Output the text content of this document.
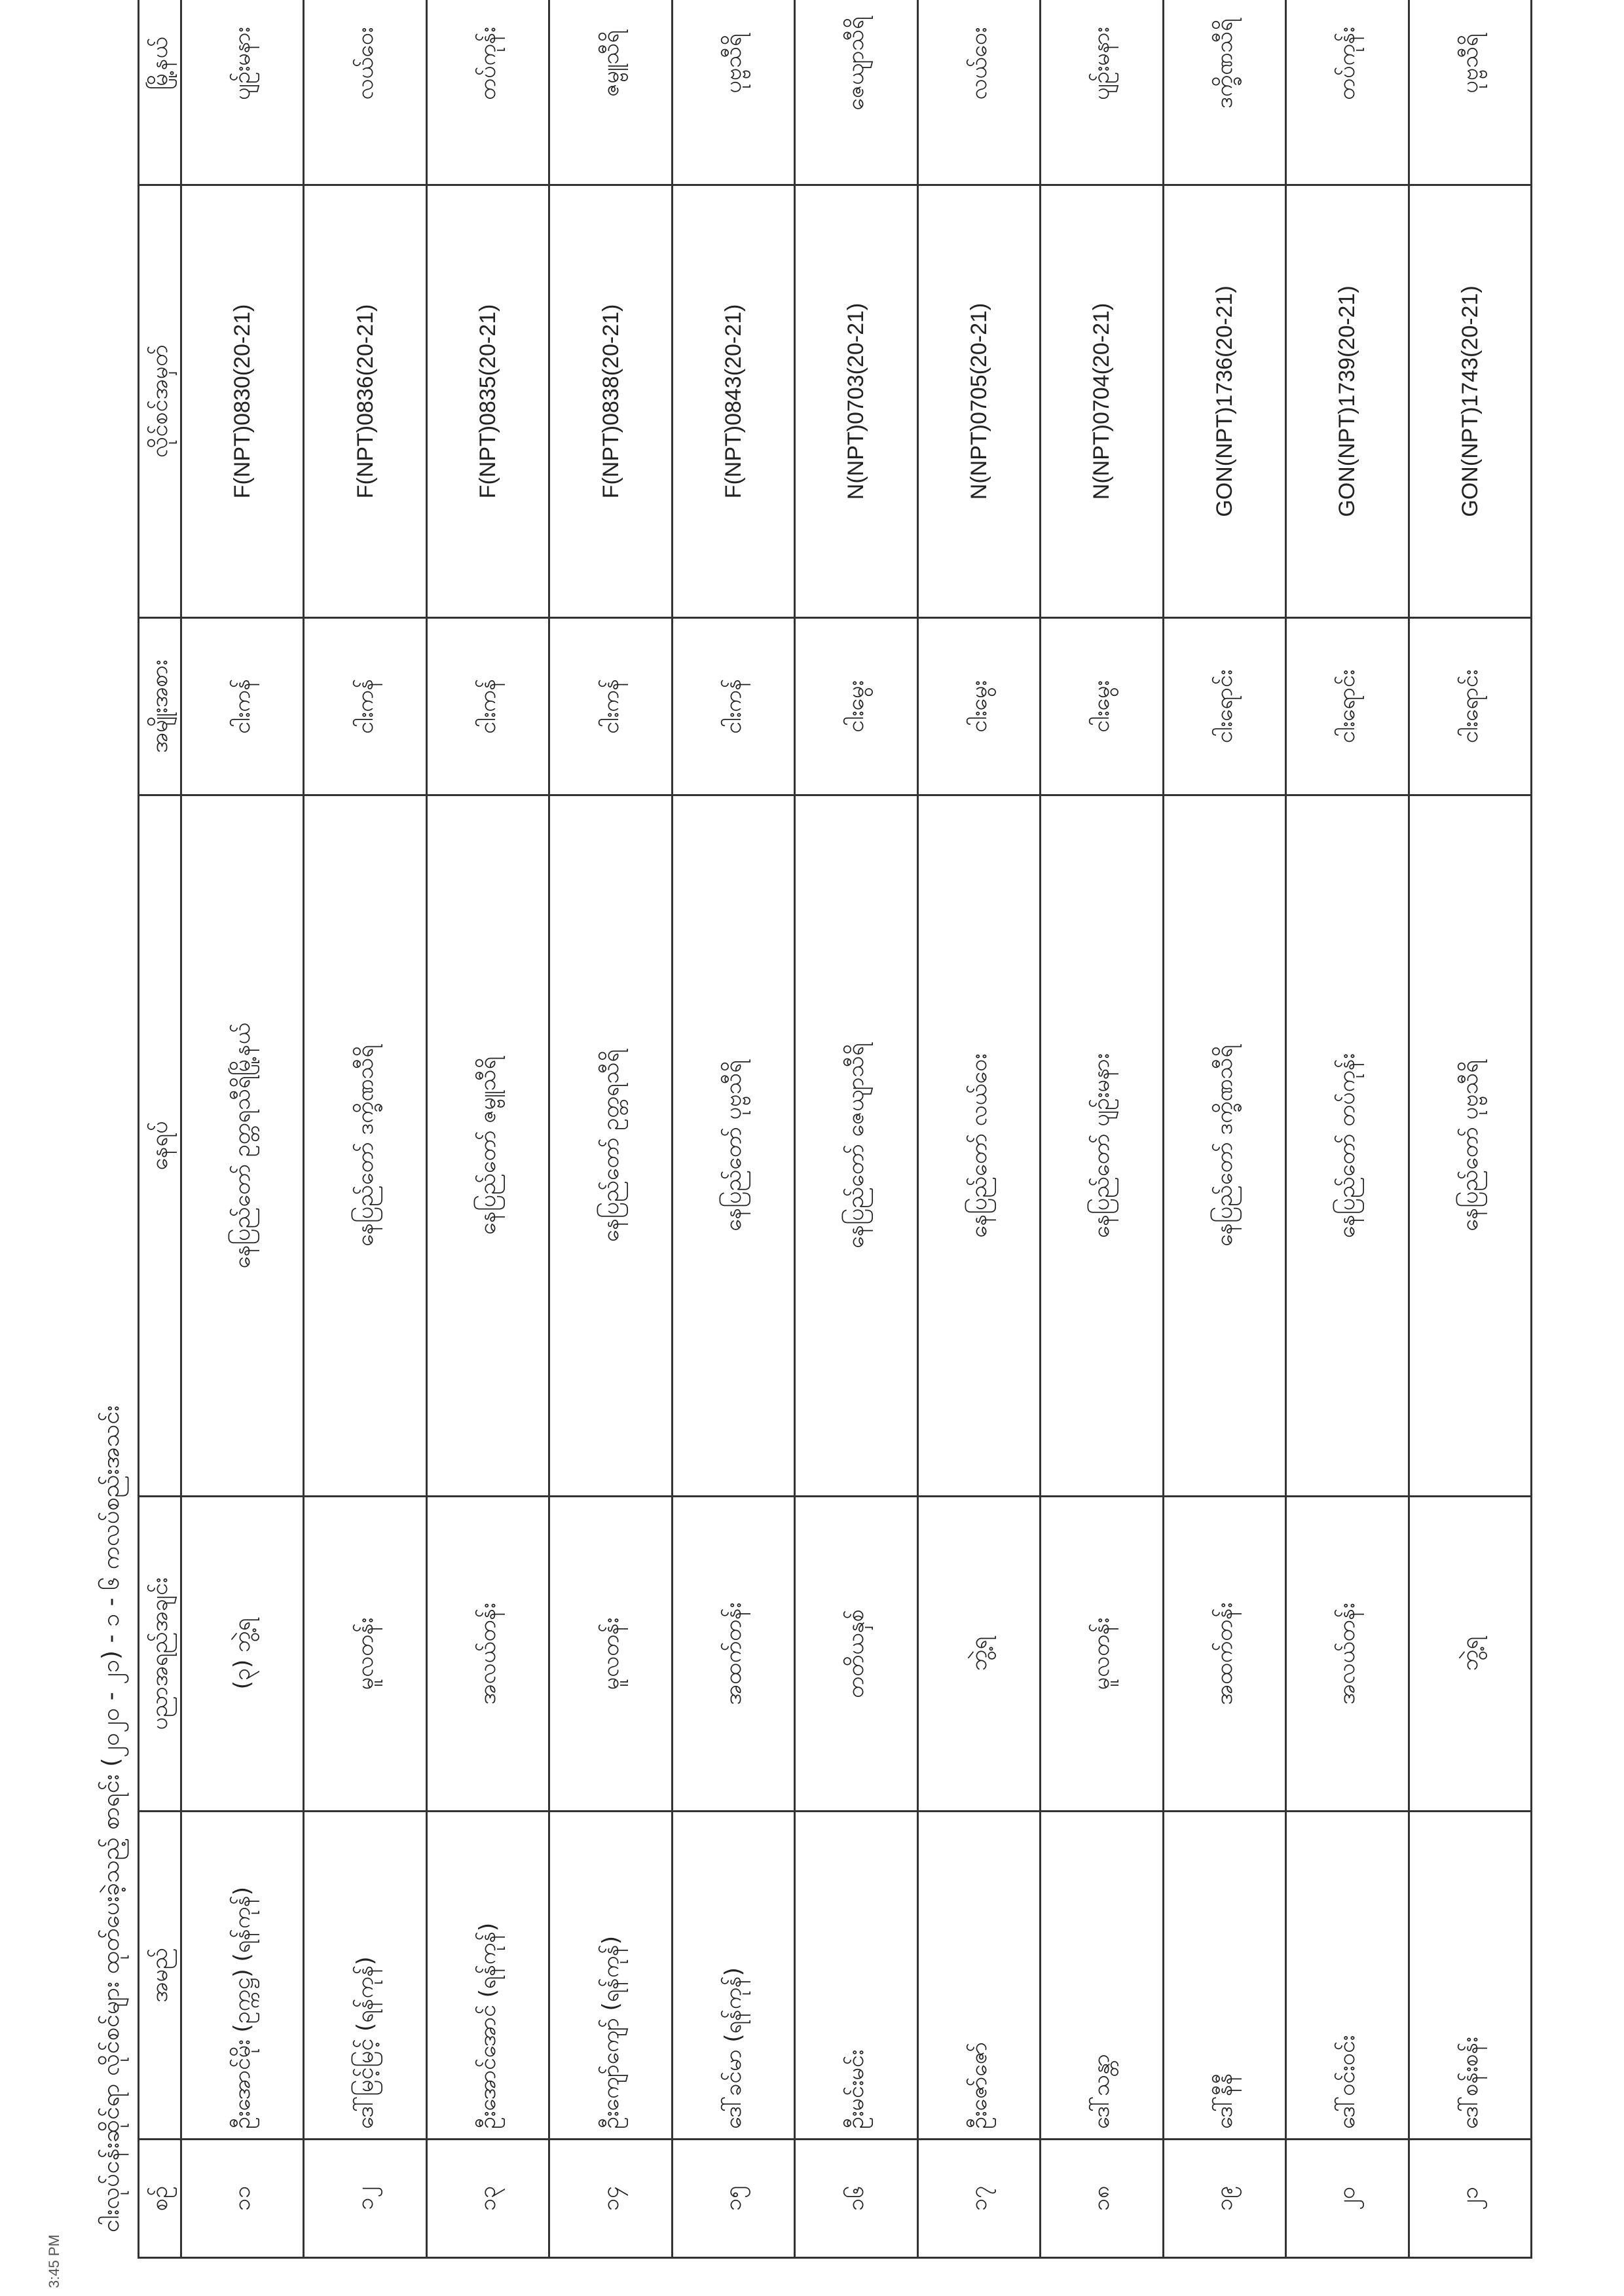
ငါးလုပ်ငန်းဆိုင်ရာ လိုင်စင်များ ထုတ်ပေးခဲ့သည့် စာရင်း (၂၀၂၀ - ၂၁) - ၁ - ၆ ကလပ်စည်းအသင်း စဉ်	အမည်	ပညာအရည်အချင်း	နေရပ်	အမျိုးအစား	လိုင်စင်အမှတ်	မြို့နယ်
၁၁	ဦးအောင်မိုး (ဥက္ကဋ္ဌ) (ရန်ကုန်)	(၃) ဘွဲ့ရ	နေပြည်တော် ဥတ္တရသီရိမြို့နယ်	ငါးကန်	F(NPT)0830(20-21)	ပျဉ်းမနား
၁၂	ဒေါ်မြင့်မြင့် (ရန်ကုန်)	မူလတန်း	နေပြည်တော် ဒက္ခိဏသီရိ	ငါးကန်	F(NPT)0836(20-21)	လယ်ဝေး
၁၃	ဦးအောင်အောင် (ရန်ကုန်)	အလယ်တန်း	နေပြည်တော် ဇမ္ဗူသီရိ	ငါးကန်	F(NPT)0835(20-21)	တပ်ကုန်း
၁၄	ဦးကျော်ကျော် (ရန်ကုန်)	မူလတန်း	နေပြည်တော် ဥတ္တရသီရိ	ငါးကန်	F(NPT)0838(20-21)	ဇမ္ဗူသီရိ
၁၅	ဒေါ်ခင်မာ (ရန်ကုန်)	အထက်တန်း	နေပြည်တော် ပုဗ္ဗသီရိ	ငါးကန်	F(NPT)0843(20-21)	ပုဗ္ဗသီရိ
၁၆	ဦးမင်းမင်း	တတိယနှစ်	နေပြည်တော် ဇေယျာသီရိ	ငါးမွေး	N(NPT)0703(20-21)	ဇေယျာသီရိ
၁၇	ဦးဇော်ဇော်	ဘွဲ့ရ	နေပြည်တော် လယ်ဝေး	ငါးမွေး	N(NPT)0705(20-21)	လယ်ဝေး
၁၈	ဒေါ်သန္တာ	မူလတန်း	နေပြည်တော် ပျဉ်းမနား	ငါးမွေး	N(NPT)0704(20-21)	ပျဉ်းမနား
၁၉	ဒေါ်နီနီ	အထက်တန်း	နေပြည်တော် ဒက္ခိဏသီရိ	ငါးရောင်း	GON(NPT)1736(20-21)	ဒက္ခိဏသီရိ
၂၀	ဒေါ်ဝင်းဝင်း	အလယ်တန်း	နေပြည်တော် တပ်ကုန်း	ငါးရောင်း	GON(NPT)1739(20-21)	တပ်ကုန်း
၂၁	ဒေါ်စန်းစန်း	ဘွဲ့ရ	နေပြည်တော် ပုဗ္ဗသီရိ	ငါးရောင်း	GON(NPT)1743(20-21)	ပုဗ္ဗသီရိ
3:45 PM
